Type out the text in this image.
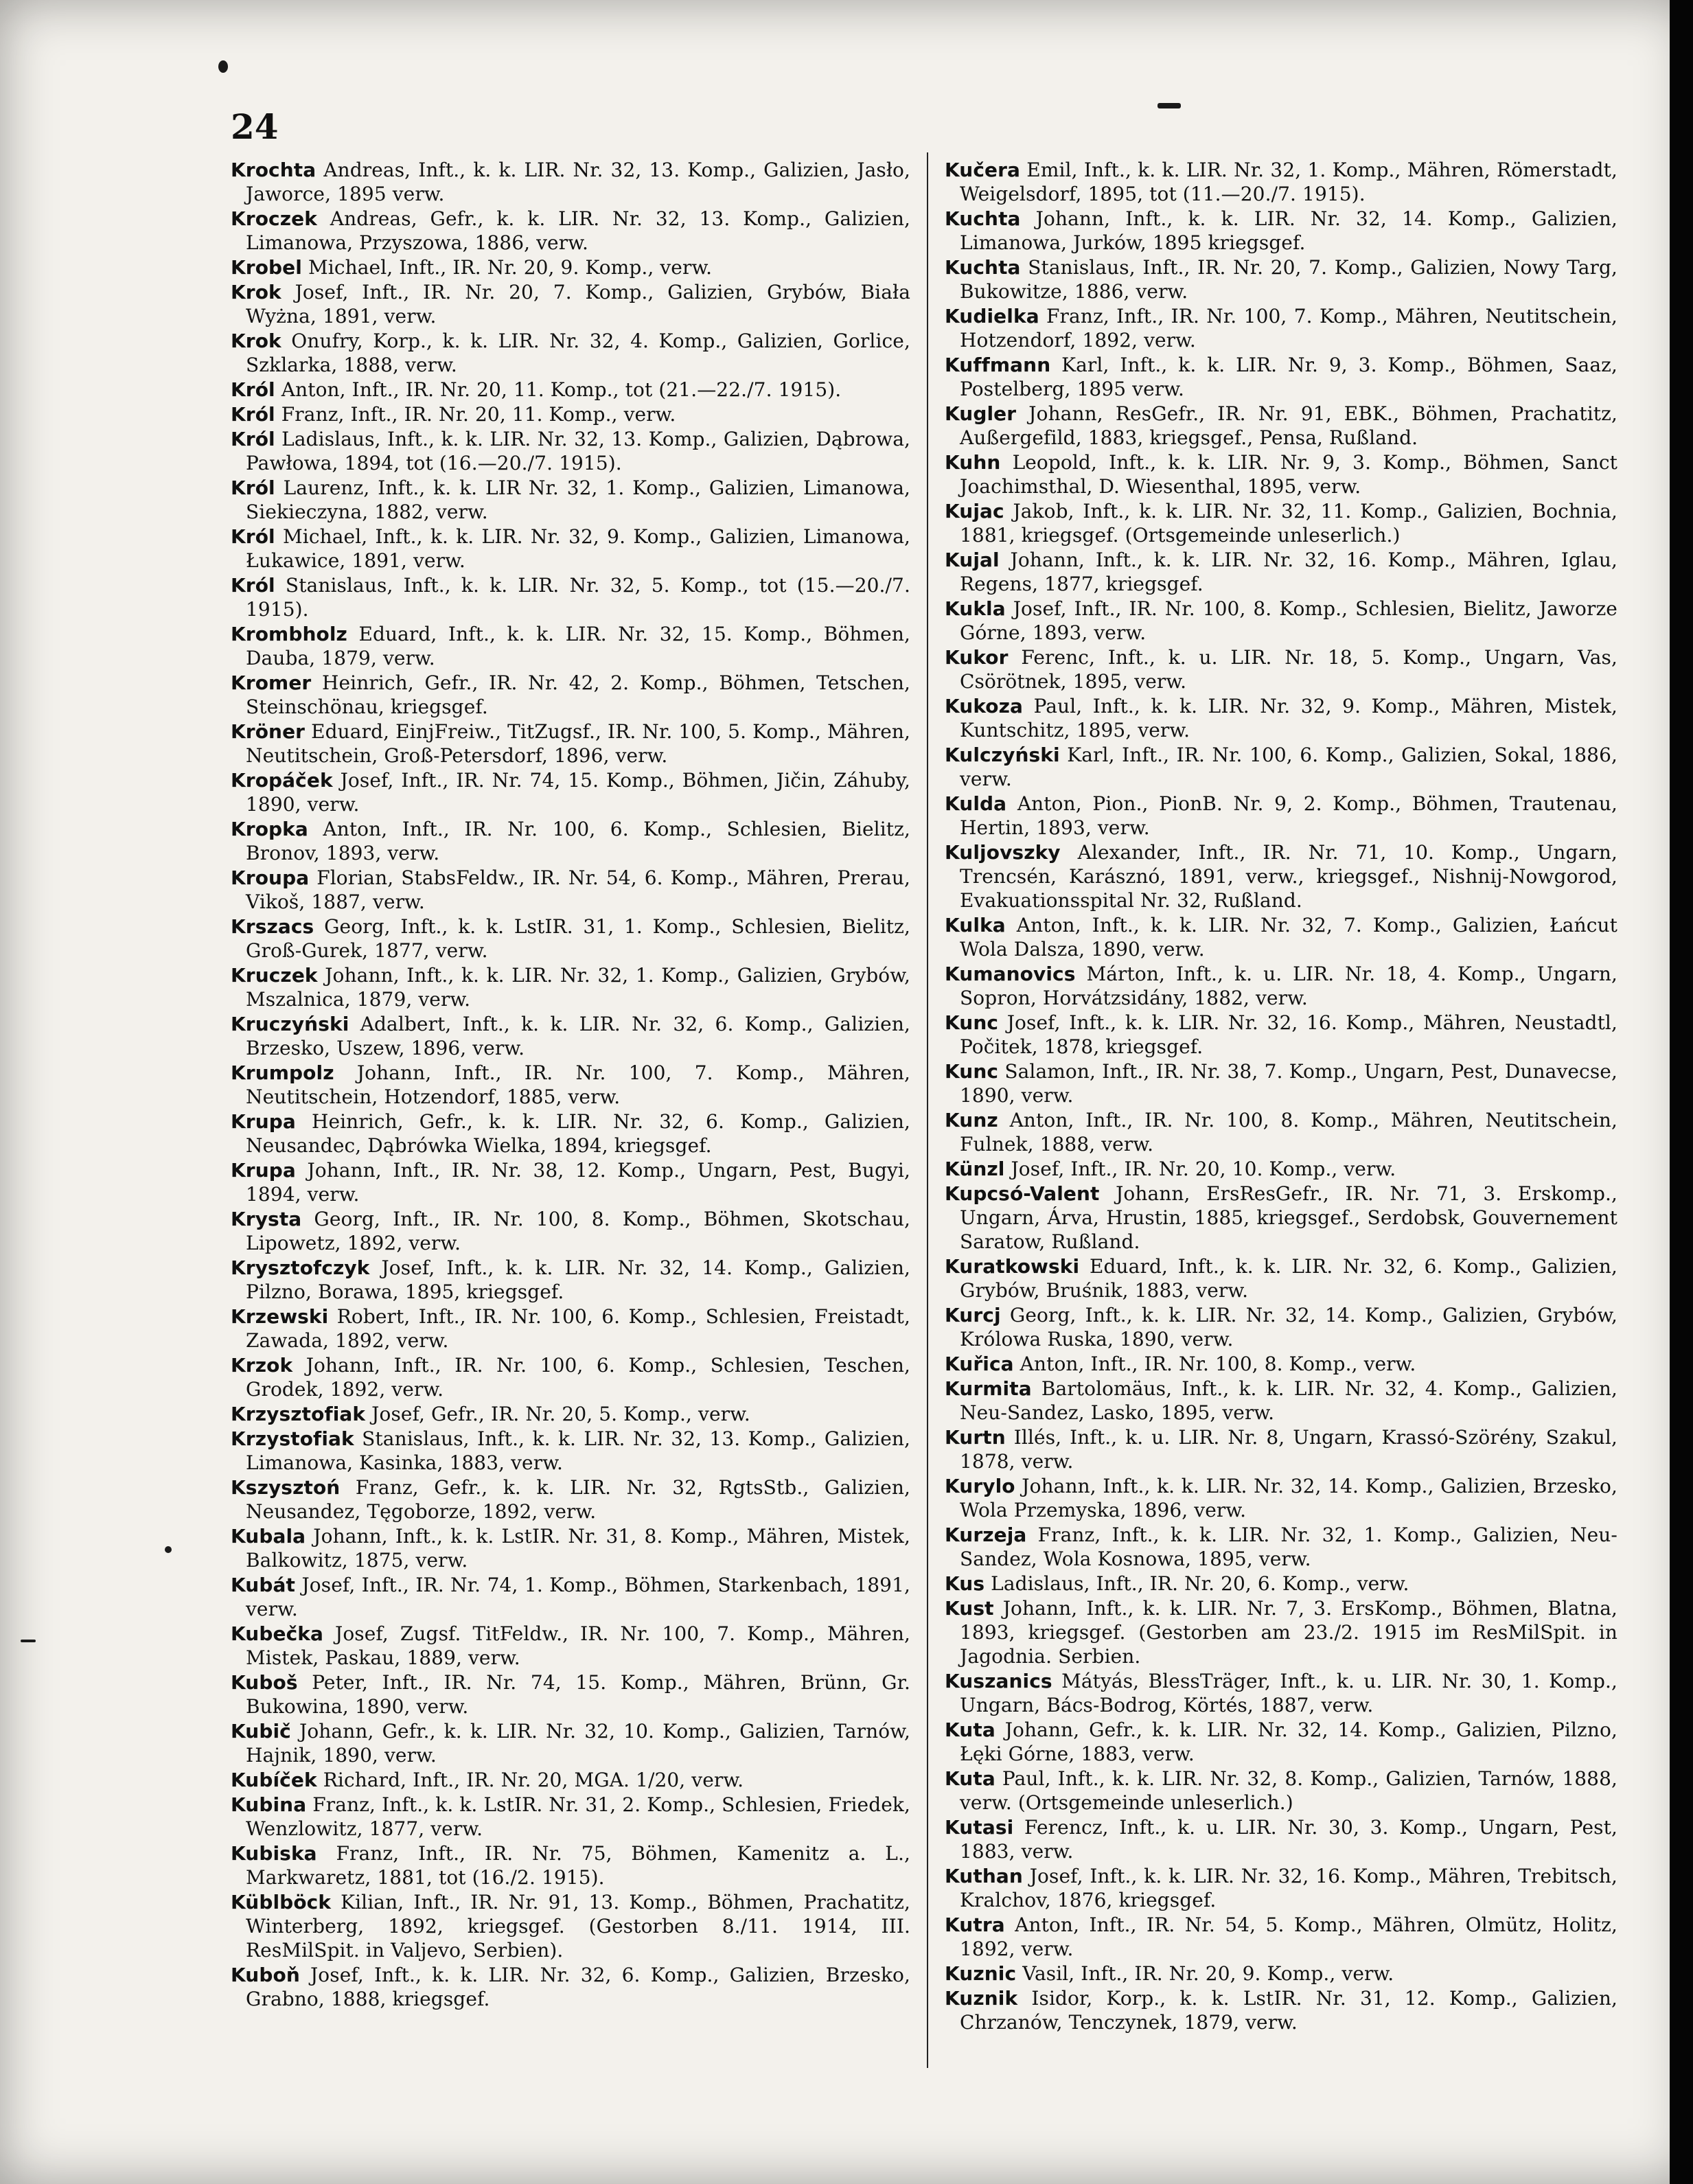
24

Krochta Andreas, Inft., k. k. LIR. Nr. 32, 13. Komp., Galizien, Jasło, Jaworce, 1895 verw.

Kroczek Andreas, Gefr., k. k. LIR. Nr. 32, 13. Komp., Galizien, Limanowa, Przyszowa, 1886, verw.

Krobel Michael, Inft., IR. Nr. 20, 9. Komp., verw.

Krok Josef, Inft., IR. Nr. 20, 7. Komp., Galizien, Grybów, Biała Wyżna, 1891, verw.

Krok Onufry, Korp., k. k. LIR. Nr. 32, 4. Komp., Galizien, Gorlice, Szklarka, 1888, verw.

Król Anton, Inft., IR. Nr. 20, 11. Komp., tot (21.—22./7. 1915).

Król Franz, Inft., IR. Nr. 20, 11. Komp., verw.

Król Ladislaus, Inft., k. k. LIR. Nr. 32, 13. Komp., Galizien, Dąbrowa, Pawłowa, 1894, tot (16.—20./7. 1915).

Król Laurenz, Inft., k. k. LIR Nr. 32, 1. Komp., Galizien, Limanowa, Siekieczyna, 1882, verw.

Król Michael, Inft., k. k. LIR. Nr. 32, 9. Komp., Galizien, Limanowa, Łukawice, 1891, verw.

Król Stanislaus, Inft., k. k. LIR. Nr. 32, 5. Komp., tot (15.—20./7. 1915).

Krombholz Eduard, Inft., k. k. LIR. Nr. 32, 15. Komp., Böhmen, Dauba, 1879, verw.

Kromer Heinrich, Gefr., IR. Nr. 42, 2. Komp., Böhmen, Tetschen, Steinschönau, kriegsgef.

Kröner Eduard, EinjFreiw., TitZugsf., IR. Nr. 100, 5. Komp., Mähren, Neutitschein, Groß-Petersdorf, 1896, verw.

Kropáček Josef, Inft., IR. Nr. 74, 15. Komp., Böhmen, Jičin, Záhuby, 1890, verw.

Kropka Anton, Inft., IR. Nr. 100, 6. Komp., Schlesien, Bielitz, Bronov, 1893, verw.

Kroupa Florian, StabsFeldw., IR. Nr. 54, 6. Komp., Mähren, Prerau, Vikoš, 1887, verw.

Krszacs Georg, Inft., k. k. LstIR. 31, 1. Komp., Schlesien, Bielitz, Groß-Gurek, 1877, verw.

Kruczek Johann, Inft., k. k. LIR. Nr. 32, 1. Komp., Galizien, Grybów, Mszalnica, 1879, verw.

Kruczyński Adalbert, Inft., k. k. LIR. Nr. 32, 6. Komp., Galizien, Brzesko, Uszew, 1896, verw.

Krumpolz Johann, Inft., IR. Nr. 100, 7. Komp., Mähren, Neutitschein, Hotzendorf, 1885, verw.

Krupa Heinrich, Gefr., k. k. LIR. Nr. 32, 6. Komp., Galizien, Neusandec, Dąbrówka Wielka, 1894, kriegsgef.

Krupa Johann, Inft., IR. Nr. 38, 12. Komp., Ungarn, Pest, Bugyi, 1894, verw.

Krysta Georg, Inft., IR. Nr. 100, 8. Komp., Böhmen, Skotschau, Lipowetz, 1892, verw.

Krysztofczyk Josef, Inft., k. k. LIR. Nr. 32, 14. Komp., Galizien, Pilzno, Borawa, 1895, kriegsgef.

Krzewski Robert, Inft., IR. Nr. 100, 6. Komp., Schlesien, Freistadt, Zawada, 1892, verw.

Krzok Johann, Inft., IR. Nr. 100, 6. Komp., Schlesien, Teschen, Grodek, 1892, verw.

Krzysztofiak Josef, Gefr., IR. Nr. 20, 5. Komp., verw.

Krzystofiak Stanislaus, Inft., k. k. LIR. Nr. 32, 13. Komp., Galizien, Limanowa, Kasinka, 1883, verw.

Kszysztoń Franz, Gefr., k. k. LIR. Nr. 32, RgtsStb., Galizien, Neusandez, Tęgoborze, 1892, verw.

Kubala Johann, Inft., k. k. LstIR. Nr. 31, 8. Komp., Mähren, Mistek, Balkowitz, 1875, verw.

Kubát Josef, Inft., IR. Nr. 74, 1. Komp., Böhmen, Starkenbach, 1891, verw.

Kubečka Josef, Zugsf. TitFeldw., IR. Nr. 100, 7. Komp., Mähren, Mistek, Paskau, 1889, verw.

Kuboš Peter, Inft., IR. Nr. 74, 15. Komp., Mähren, Brünn, Gr. Bukowina, 1890, verw.

Kubič Johann, Gefr., k. k. LIR. Nr. 32, 10. Komp., Galizien, Tarnów, Hajnik, 1890, verw.

Kubíček Richard, Inft., IR. Nr. 20, MGA. 1/20, verw.

Kubina Franz, Inft., k. k. LstIR. Nr. 31, 2. Komp., Schlesien, Friedek, Wenzlowitz, 1877, verw.

Kubiska Franz, Inft., IR. Nr. 75, Böhmen, Kamenitz a. L., Markwaretz, 1881, tot (16./2. 1915).

Küblböck Kilian, Inft., IR. Nr. 91, 13. Komp., Böhmen, Prachatitz, Winterberg, 1892, kriegsgef. (Gestorben 8./11. 1914, III. ResMilSpit. in Valjevo, Serbien).

Kuboň Josef, Inft., k. k. LIR. Nr. 32, 6. Komp., Galizien, Brzesko, Grabno, 1888, kriegsgef.

Kučera Emil, Inft., k. k. LIR. Nr. 32, 1. Komp., Mähren, Römerstadt, Weigelsdorf, 1895, tot (11.—20./7. 1915).

Kuchta Johann, Inft., k. k. LIR. Nr. 32, 14. Komp., Galizien, Limanowa, Jurków, 1895 kriegsgef.

Kuchta Stanislaus, Inft., IR. Nr. 20, 7. Komp., Galizien, Nowy Targ, Bukowitze, 1886, verw.

Kudielka Franz, Inft., IR. Nr. 100, 7. Komp., Mähren, Neutitschein, Hotzendorf, 1892, verw.

Kuffmann Karl, Inft., k. k. LIR. Nr. 9, 3. Komp., Böhmen, Saaz, Postelberg, 1895 verw.

Kugler Johann, ResGefr., IR. Nr. 91, EBK., Böhmen, Prachatitz, Außergefild, 1883, kriegsgef., Pensa, Rußland.

Kuhn Leopold, Inft., k. k. LIR. Nr. 9, 3. Komp., Böhmen, Sanct Joachimsthal, D. Wiesenthal, 1895, verw.

Kujac Jakob, Inft., k. k. LIR. Nr. 32, 11. Komp., Galizien, Bochnia, 1881, kriegsgef. (Ortsgemeinde unleserlich.)

Kujal Johann, Inft., k. k. LIR. Nr. 32, 16. Komp., Mähren, Iglau, Regens, 1877, kriegsgef.

Kukla Josef, Inft., IR. Nr. 100, 8. Komp., Schlesien, Bielitz, Jaworze Górne, 1893, verw.

Kukor Ferenc, Inft., k. u. LIR. Nr. 18, 5. Komp., Ungarn, Vas, Csörötnek, 1895, verw.

Kukoza Paul, Inft., k. k. LIR. Nr. 32, 9. Komp., Mähren, Mistek, Kuntschitz, 1895, verw.

Kulczyński Karl, Inft., IR. Nr. 100, 6. Komp., Galizien, Sokal, 1886, verw.

Kulda Anton, Pion., PionB. Nr. 9, 2. Komp., Böhmen, Trautenau, Hertin, 1893, verw.

Kuljovszky Alexander, Inft., IR. Nr. 71, 10. Komp., Ungarn, Trencsén, Karásznó, 1891, verw., kriegsgef., Nishnij-Nowgorod, Evakuationsspital Nr. 32, Rußland.

Kulka Anton, Inft., k. k. LIR. Nr. 32, 7. Komp., Galizien, Łańcut Wola Dalsza, 1890, verw.

Kumanovics Márton, Inft., k. u. LIR. Nr. 18, 4. Komp., Ungarn, Sopron, Horvátzsidány, 1882, verw.

Kunc Josef, Inft., k. k. LIR. Nr. 32, 16. Komp., Mähren, Neustadtl, Počitek, 1878, kriegsgef.

Kunc Salamon, Inft., IR. Nr. 38, 7. Komp., Ungarn, Pest, Dunavecse, 1890, verw.

Kunz Anton, Inft., IR. Nr. 100, 8. Komp., Mähren, Neutitschein, Fulnek, 1888, verw.

Künzl Josef, Inft., IR. Nr. 20, 10. Komp., verw.

Kupcsó-Valent Johann, ErsResGefr., IR. Nr. 71, 3. Erskomp., Ungarn, Árva, Hrustin, 1885, kriegsgef., Serdobsk, Gouvernement Saratow, Rußland.

Kuratkowski Eduard, Inft., k. k. LIR. Nr. 32, 6. Komp., Galizien, Grybów, Bruśnik, 1883, verw.

Kurcj Georg, Inft., k. k. LIR. Nr. 32, 14. Komp., Galizien, Grybów, Królowa Ruska, 1890, verw.

Kuřica Anton, Inft., IR. Nr. 100, 8. Komp., verw.

Kurmita Bartolomäus, Inft., k. k. LIR. Nr. 32, 4. Komp., Galizien, Neu-Sandez, Lasko, 1895, verw.

Kurtn Illés, Inft., k. u. LIR. Nr. 8, Ungarn, Krassó-Szörény, Szakul, 1878, verw.

Kurylo Johann, Inft., k. k. LIR. Nr. 32, 14. Komp., Galizien, Brzesko, Wola Przemyska, 1896, verw.

Kurzeja Franz, Inft., k. k. LIR. Nr. 32, 1. Komp., Galizien, Neu-Sandez, Wola Kosnowa, 1895, verw.

Kus Ladislaus, Inft., IR. Nr. 20, 6. Komp., verw.

Kust Johann, Inft., k. k. LIR. Nr. 7, 3. ErsKomp., Böhmen, Blatna, 1893, kriegsgef. (Gestorben am 23./2. 1915 im ResMilSpit. in Jagodnia. Serbien.

Kuszanics Mátyás, BlessTräger, Inft., k. u. LIR. Nr. 30, 1. Komp., Ungarn, Bács-Bodrog, Körtés, 1887, verw.

Kuta Johann, Gefr., k. k. LIR. Nr. 32, 14. Komp., Galizien, Pilzno, Łęki Górne, 1883, verw.

Kuta Paul, Inft., k. k. LIR. Nr. 32, 8. Komp., Galizien, Tarnów, 1888, verw. (Ortsgemeinde unleserlich.)

Kutasi Ferencz, Inft., k. u. LIR. Nr. 30, 3. Komp., Ungarn, Pest, 1883, verw.

Kuthan Josef, Inft., k. k. LIR. Nr. 32, 16. Komp., Mähren, Trebitsch, Kralchov, 1876, kriegsgef.

Kutra Anton, Inft., IR. Nr. 54, 5. Komp., Mähren, Olmütz, Holitz, 1892, verw.

Kuznic Vasil, Inft., IR. Nr. 20, 9. Komp., verw.

Kuznik Isidor, Korp., k. k. LstIR. Nr. 31, 12. Komp., Galizien, Chrzanów, Tenczynek, 1879, verw.
